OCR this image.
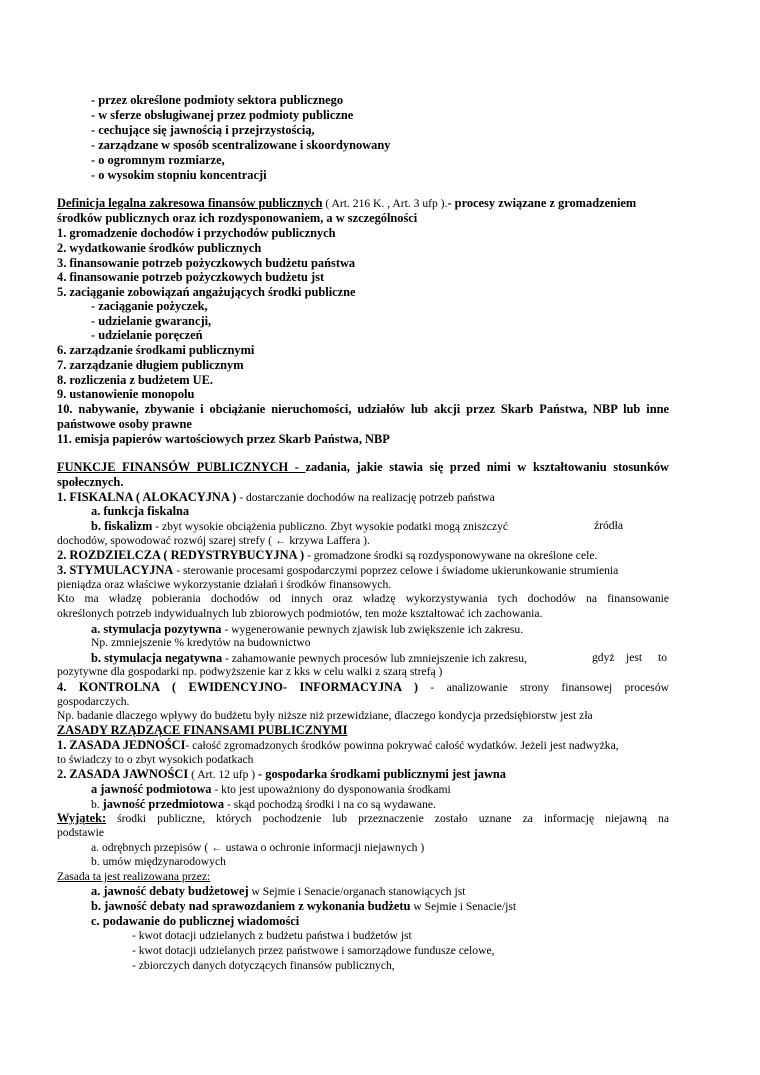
- przez określone podmioty sektora publicznego
- w sferze obsługiwanej przez podmioty publiczne
- cechujące się jawnością i przejrzystością,
- zarządzane w sposób scentralizowane i skoordynowany
- o ogromnym rozmiarze,
- o wysokim stopniu koncentracji
Definicja legalna zakresowa finansów publicznych ( Art. 216 K. , Art. 3 ufp ).- procesy związane z gromadzeniem
środków publicznych oraz ich rozdysponowaniem, a w szczególności
1. gromadzenie dochodów i przychodów publicznych
2. wydatkowanie środków publicznych
3. finansowanie potrzeb pożyczkowych budżetu państwa
4. finansowanie potrzeb pożyczkowych budżetu jst
5. zaciąganie zobowiązań angażujących środki publiczne
- zaciąganie pożyczek,
- udzielanie gwarancji,
- udzielanie poręczeń
6. zarządzanie środkami publicznymi
7. zarządzanie długiem publicznym
8. rozliczenia z budżetem UE.
9. ustanowienie monopolu
10. nabywanie, zbywanie i obciążanie nieruchomości, udziałów lub akcji przez Skarb Państwa, NBP lub inne
państwowe osoby prawne
11. emisja papierów wartościowych przez Skarb Państwa, NBP
FUNKCJE FINANSÓW PUBLICZNYCH - zadania, jakie stawia się przed nimi w kształtowaniu stosunków
społecznych.
1. FISKALNA ( ALOKACYJNA ) - dostarczanie dochodów na realizację potrzeb państwa
a. funkcja fiskalna
b. fiskalizm - zbyt wysokie obciążenia publiczno. Zbyt wysokie podatki mogą zniszczyć	źródła
dochodów, spowodować rozwój szarej strefy ( ← krzywa Laffera ).
2. ROZDZIELCZA ( REDYSTRYBUCYJNA ) - gromadzone środki są rozdysponowywane na określone cele.
3. STYMULACYJNA - sterowanie procesami gospodarczymi poprzez celowe i świadome ukierunkowanie strumienia
pieniądza oraz właściwe wykorzystanie działań i środków finansowych.
Kto ma władzę pobierania dochodów od innych oraz władzę wykorzystywania tych dochodów na finansowanie
określonych potrzeb indywidualnych lub zbiorowych podmiotów, ten może kształtować ich zachowania.
a. stymulacja pozytywna - wygenerowanie pewnych zjawisk lub zwiększenie ich zakresu.
Np. zmniejszenie % kredytów na budownictwo
b. stymulacja negatywna - zahamowanie pewnych procesów lub zmniejszenie ich zakresu,	gdyż jest to
pozytywne dla gospodarki np. podwyższenie kar z kks w celu walki z szarą strefą )
4. KONTROLNA ( EWIDENCYJNO- INFORMACYJNA ) - analizowanie strony finansowej procesów
gospodarczych.
Np. badanie dlaczego wpływy do budżetu były niższe niż przewidziane, dlaczego kondycja przedsiębiorstw jest zła
ZASADY RZĄDZĄCE FINANSAMI PUBLICZNYMI
1. ZASADA JEDNOŚCI- całość zgromadzonych środków powinna pokrywać całość wydatków. Jeżeli jest nadwyżka,
to świadczy to o zbyt wysokich podatkach
2. ZASADA JAWNOŚCI ( Art. 12 ufp ) - gospodarka środkami publicznymi jest jawna
a jawność podmiotowa - kto jest upoważniony do dysponowania środkami
b. jawność przedmiotowa - skąd pochodzą środki i na co są wydawane.
Wyjątek: środki publiczne, których pochodzenie lub przeznaczenie zostało uznane za informację niejawną na
podstawie
a. odrębnych przepisów ( ← ustawa o ochronie informacji niejawnych )
b. umów międzynarodowych
Zasada ta jest realizowana przez:
a. jawność debaty budżetowej w Sejmie i Senacie/organach stanowiących jst
b. jawność debaty nad sprawozdaniem z wykonania budżetu w Sejmie i Senacie/jst
c. podawanie do publicznej wiadomości
- kwot dotacji udzielanych z budżetu państwa i budżetów jst
- kwot dotacji udzielanych przez państwowe i samorządowe fundusze celowe,
- zbiorczych danych dotyczących finansów publicznych,
